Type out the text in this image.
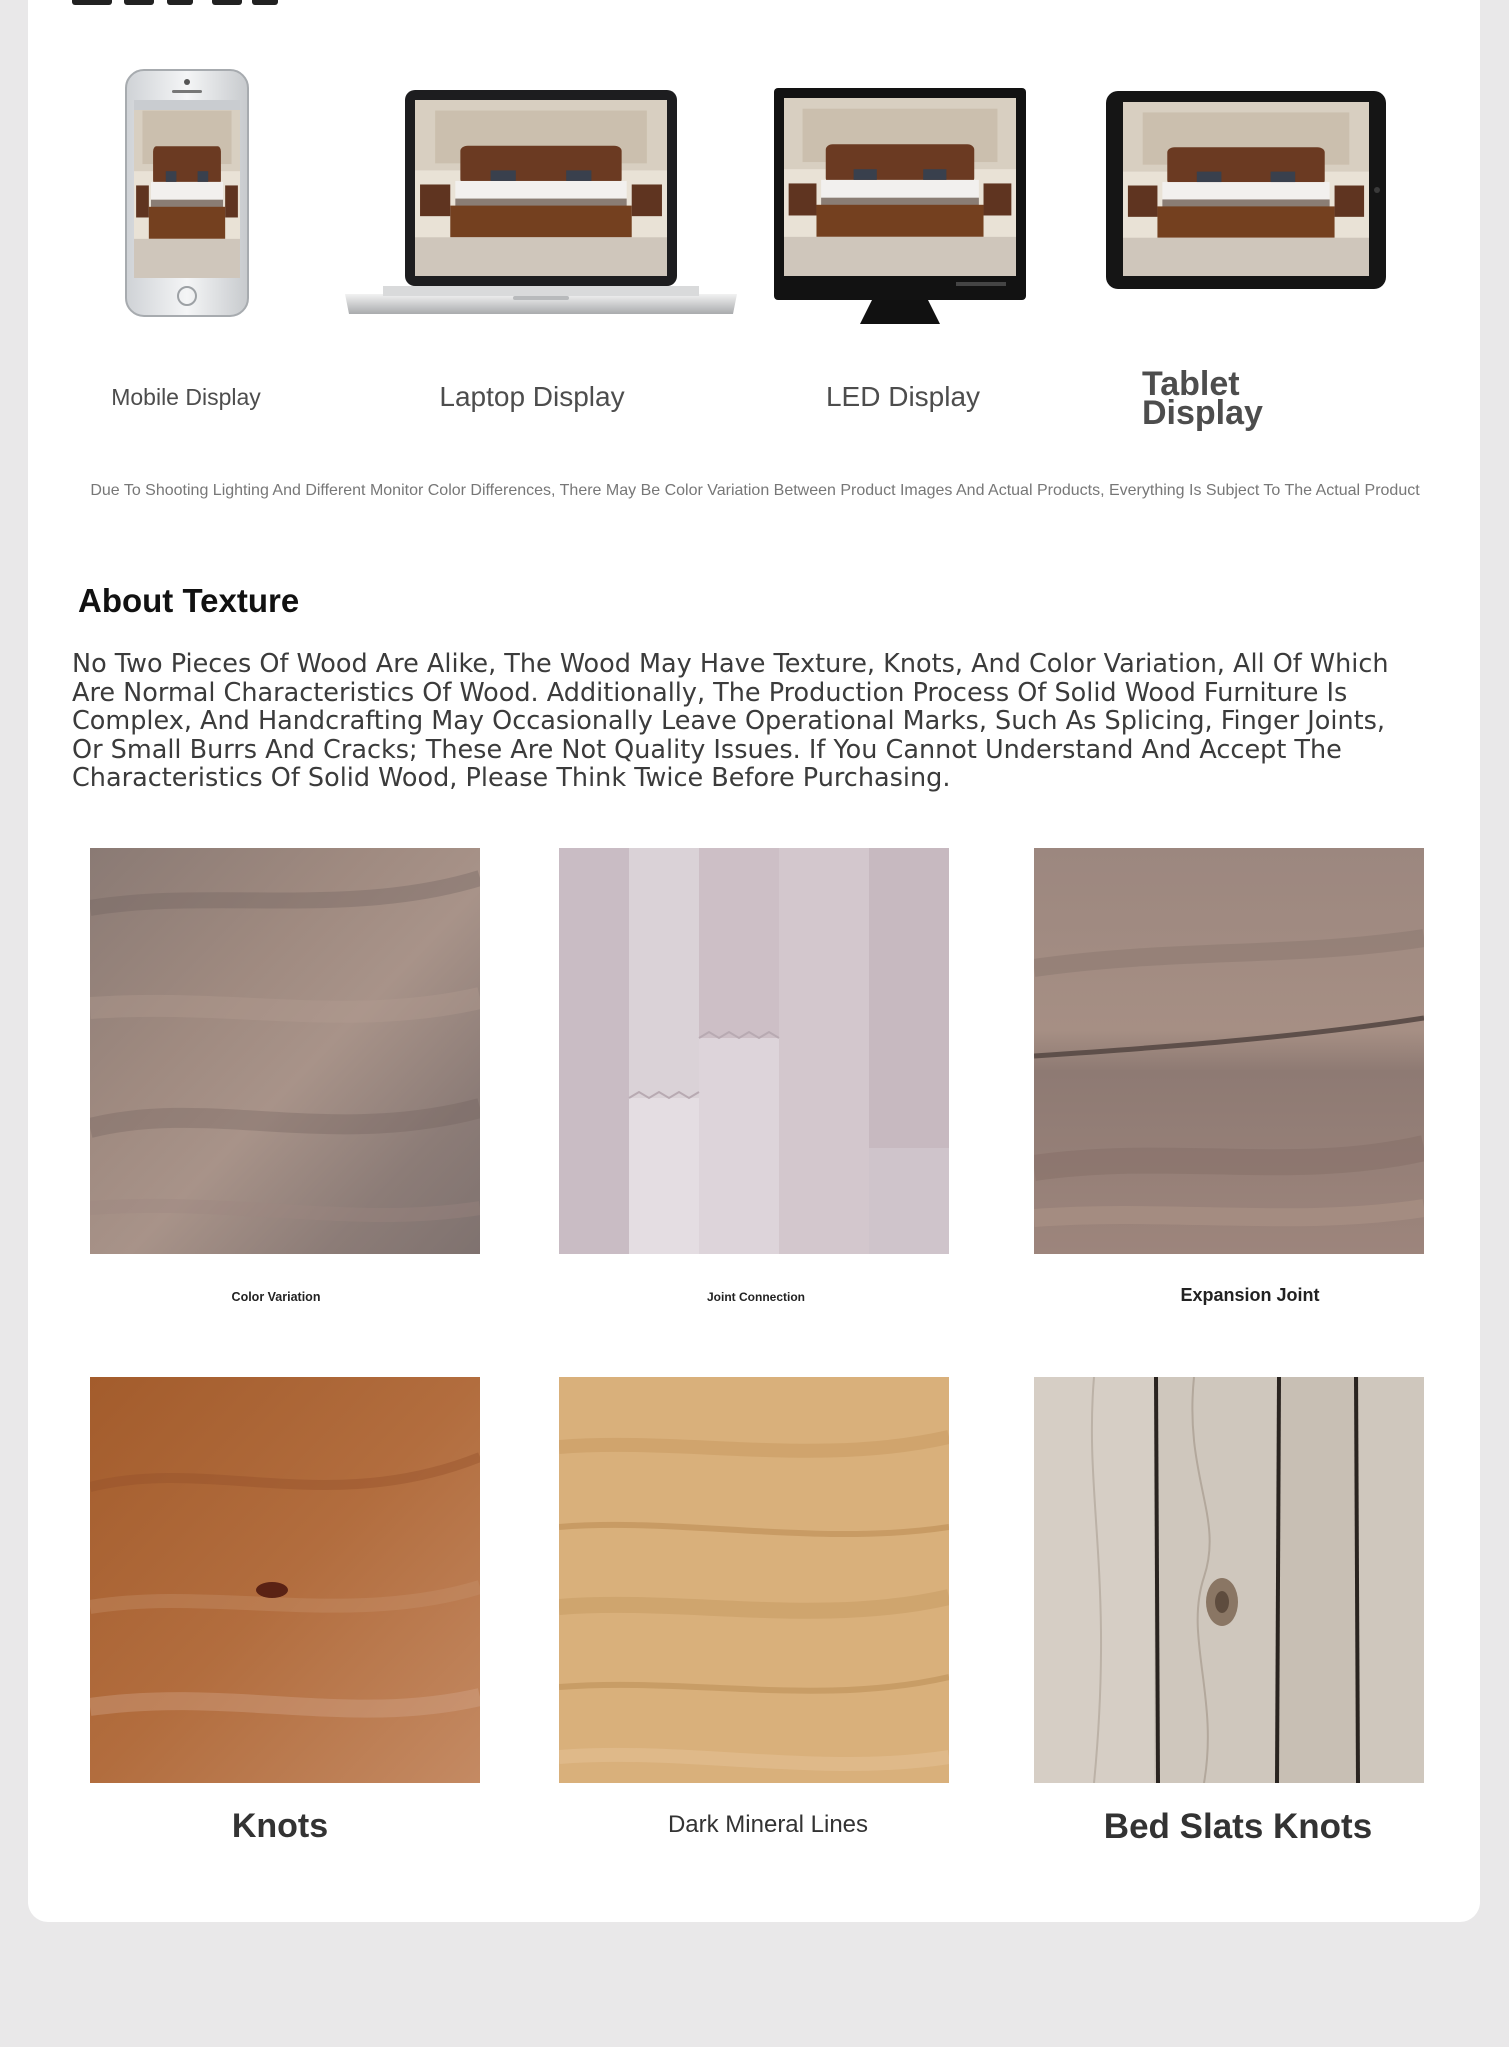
Mobile Display	Laptop Display	LED Display	Tablet Display
Due To Shooting Lighting And Different Monitor Color Differences, There May Be Color Variation Between Product Images And Actual Products, Everything Is Subject To The Actual Product
About Texture
No Two Pieces Of Wood Are Alike, The Wood May Have Texture, Knots, And Color Variation, All Of Which Are Normal Characteristics Of Wood. Additionally, The Production Process Of Solid Wood Furniture Is Complex, And Handcrafting May Occasionally Leave Operational Marks, Such As Splicing, Finger Joints, Or Small Burrs And Cracks; These Are Not Quality Issues. If You Cannot Understand And Accept The Characteristics Of Solid Wood, Please Think Twice Before Purchasing.
Color Variation	Joint Connection	Expansion Joint
Knots	Dark Mineral Lines	Bed Slats Knots
